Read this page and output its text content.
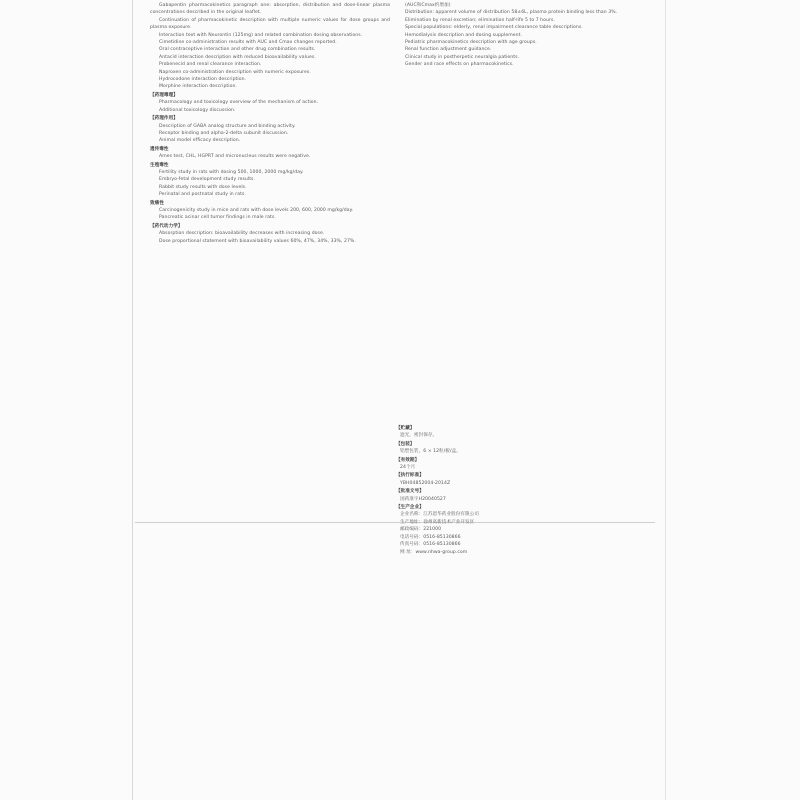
Gabapentin pharmacokinetics paragraph one: absorption, distribution and dose-linear plasma concentrations described in the original leaflet.
Continuation of pharmacokinetic description with multiple numeric values for dose groups and plasma exposure.
Interaction text with Neurontin (125mg) and related combination dosing observations.
Cimetidine co-administration results with AUC and Cmax changes reported.
Oral contraceptive interaction and other drug combination results.
Antacid interaction description with reduced bioavailability values.
Probenecid and renal clearance interaction.
Naproxen co-administration description with numeric exposures.
Hydrocodone interaction description.
Morphine interaction description.
【药理毒理】
Pharmacology and toxicology overview of the mechanism of action.
Additional toxicology discussion.
【药理作用】
Description of GABA analog structure and binding activity.
Receptor binding and alpha-2-delta subunit discussion.
Animal model efficacy description.
遗传毒性
Ames test, CHL, HGPRT and micronucleus results were negative.
生殖毒性
Fertility study in rats with dosing 500, 1000, 2000 mg/kg/day.
Embryo-fetal development study results.
Rabbit study results with dose levels.
Perinatal and postnatal study in rats.
致癌性
Carcinogenicity study in mice and rats with dose levels 200, 600, 2000 mg/kg/day.
Pancreatic acinar cell tumor findings in male rats.
【药代动力学】
Absorption description: bioavailability decreases with increasing dose.
Dose proportional statement with bioavailability values 60%, 47%, 34%, 33%, 27%.
(AUC和Cmax约增加)
Distribution: apparent volume of distribution 58±6L, plasma protein binding less than 3%.
Elimination by renal excretion; elimination half-life 5 to 7 hours.
Special populations: elderly, renal impairment clearance table descriptions.
Hemodialysis description and dosing supplement.
Pediatric pharmacokinetics description with age groups.
Renal function adjustment guidance.
Clinical study in postherpetic neuralgia patients.
Gender and race effects on pharmacokinetics.
【贮藏】
遮光，密封保存。
【包装】
铝塑包装，6 × 12粒/板/盒。
【有效期】
24个月
【执行标准】
YBH04852004-2014Z
【批准文号】
国药准字H20040527
【生产企业】
企业名称：江苏恩华药业股份有限公司
生产地址：徐州高新技术产业开发区
邮政编码：221000
电话号码：0516-85130866
传真号码：0516-85130866
网 址：www.nhwa-group.com
